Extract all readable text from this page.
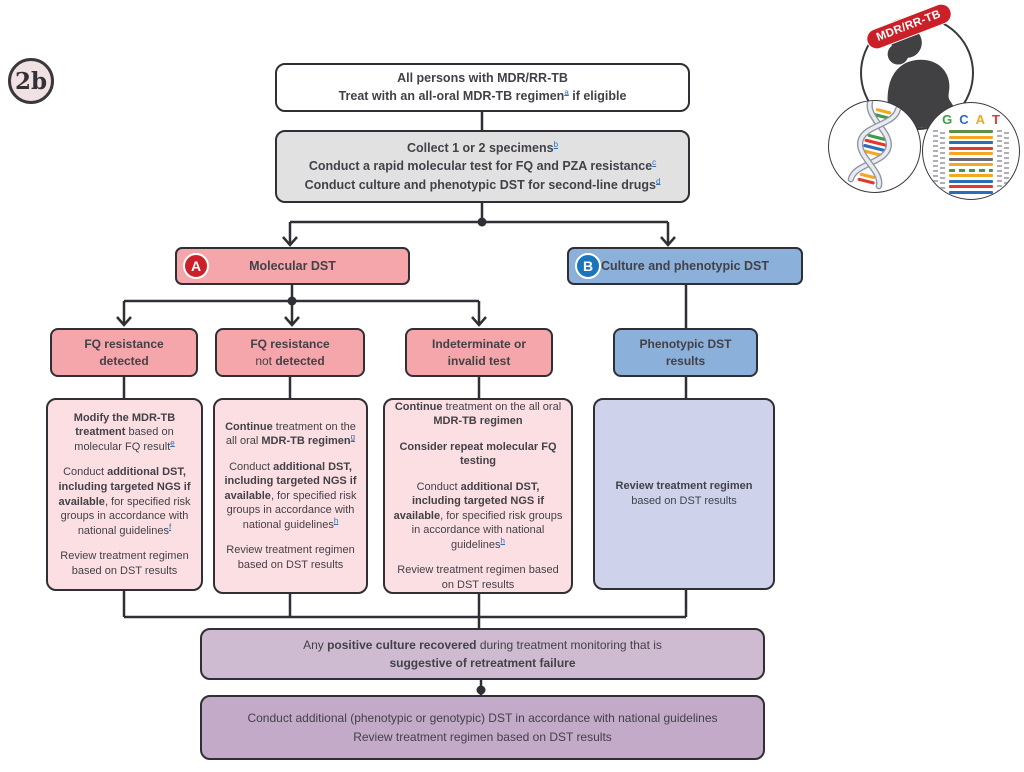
2b
MDR/RR-TB
G C A T
All persons with MDR/RR-TB
Treat with an all-oral MDR-TB regimen$^a$ if eligible
Collect 1 or 2 specimens$^b$
Conduct a rapid molecular test for FQ and PZA resistance$^c$
Conduct culture and phenotypic DST for second-line drugs$^d$
A	Molecular DST	B Culture and phenotypic DST
FQ resistance
detected
FQ resistance
not detected
Indeterminate or
invalid test
Phenotypic DST
results

Modify the MDR-TB treatment based on molecular FQ result$^e$

Conduct additional DST, including targeted NGS if available, for specified risk groups in accordance with national guidelines$^f$

Review treatment regimen based on DST results

Continue treatment on the all oral MDR-TB regimen$^g$

Conduct additional DST, including targeted NGS if available, for specified risk groups in accordance with national guidelines$^h$

Review treatment regimen based on DST results

Continue treatment on the all oral MDR-TB regimen

Consider repeat molecular FQ testing

Conduct additional DST, including targeted NGS if available, for specified risk groups in accordance with national guidelines$^h$

Review treatment regimen based on DST results

Review treatment regimen based on DST results

Any positive culture recovered during treatment monitoring that is
suggestive of retreatment failure
Conduct additional (phenotypic or genotypic) DST in accordance with national guidelines
Review treatment regimen based on DST results
